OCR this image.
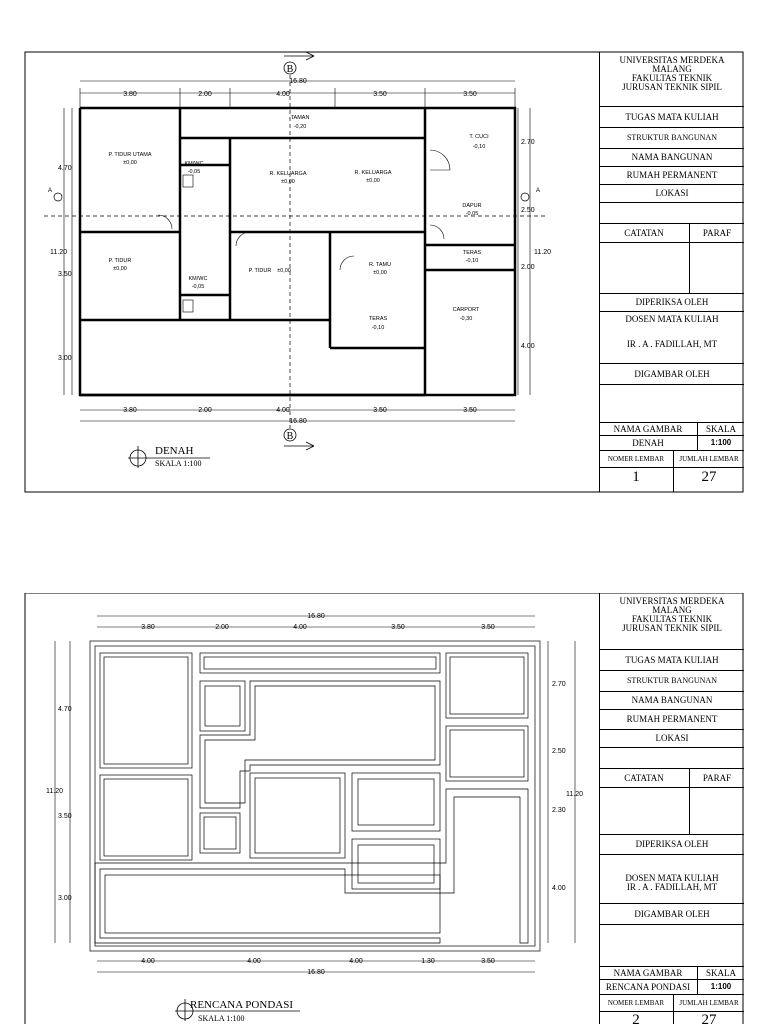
16.80
3.80	2.00	4.00	3.50	3.50
B
B
A	A
TAMAN
-0,20
P. TIDUR UTAMA
±0,00	KM/WC
-0,05	R. KELUARGA
±0,00
R. KELUARGA
±0,00
T. CUCI
-0,10
DAPUR
-0,05
TERAS
-0,10
P. TIDUR
±0,00
KM/WC
-0,05
P. TIDUR ±0,00
R. TAMU
±0,00
TERAS
-0,10
CARPORT
-0,30
4.70
3.50
3.00
11.20
2.70
2.50
2.00
4.00
11.20
3.80	2.00	4.00	3.50	3.50
16.80
DENAH
SKALA 1:100
UNIVERSITAS MERDEKA
MALANG
FAKULTAS TEKNIK
JURUSAN TEKNIK SIPIL
TUGAS MATA KULIAH
STRUKTUR BANGUNAN
NAMA BANGUNAN
RUMAH PERMANENT
LOKASI
CATATAN	PARAF
DIPERIKSA OLEH
DOSEN MATA KULIAH
IR . A . FADILLAH, MT
DIGAMBAR OLEH
NAMA GAMBAR	SKALA
DENAH	1:100
NOMER LEMBAR	JUMLAH LEMBAR
1	27
16.80
3.80	2.00	4.00	3.50	3.50
4.70
3.50
3.00
11.20
2.70
2.50
2.30
4.00
11.20
4.00	4.00	4.00	1.30	3.50
16.80
RENCANA PONDASI
SKALA 1:100
UNIVERSITAS MERDEKA
MALANG
FAKULTAS TEKNIK
JURUSAN TEKNIK SIPIL
TUGAS MATA KULIAH
STRUKTUR BANGUNAN
NAMA BANGUNAN
RUMAH PERMANENT
LOKASI
CATATAN	PARAF
DIPERIKSA OLEH
DOSEN MATA KULIAH
IR . A . FADILLAH, MT
DIGAMBAR OLEH
NAMA GAMBAR	SKALA
RENCANA PONDASI	1:100
NOMER LEMBAR	JUMLAH LEMBAR
2	27
